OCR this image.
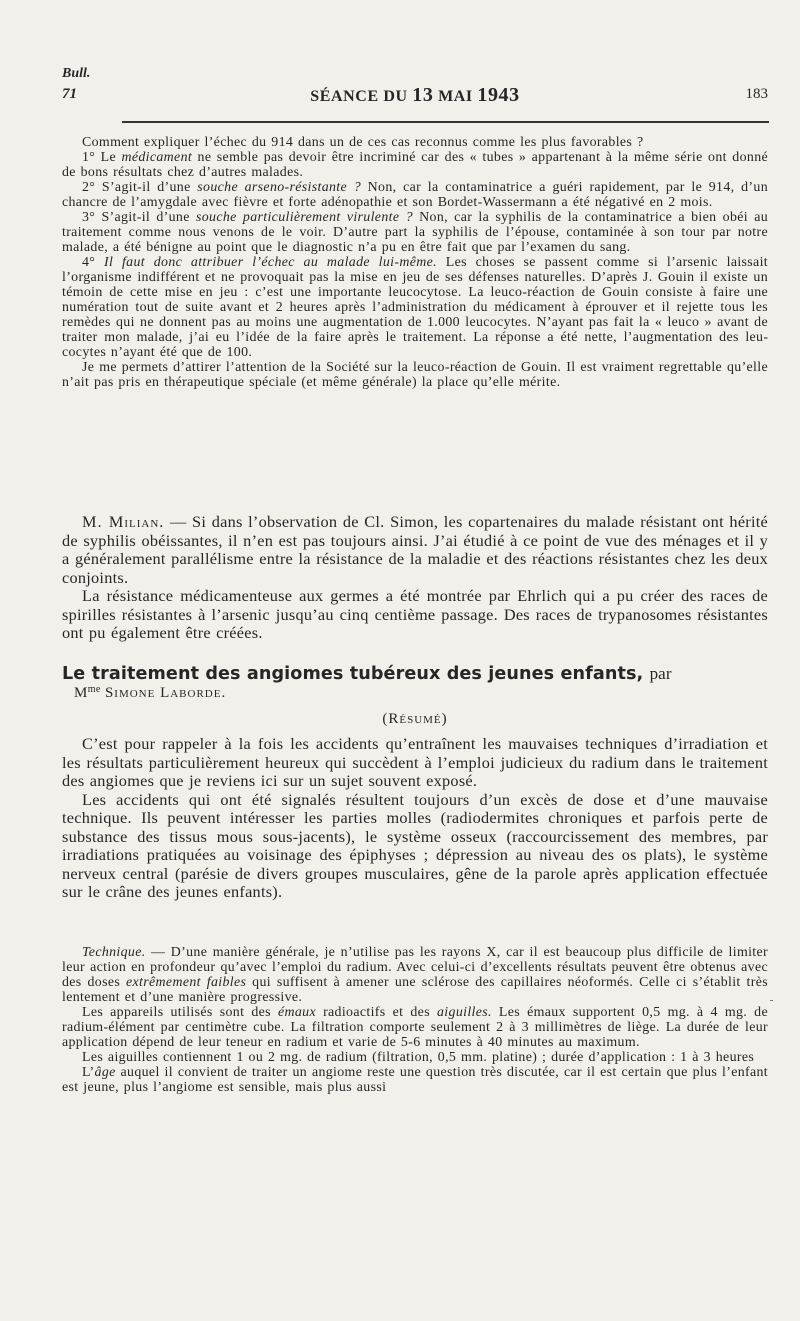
Bull.
71	SÉANCE DU 13 MAI 1943	183

Comment expliquer l’échec du 914 dans un de ces cas reconnus comme les plus favorables ?

1° Le médicament ne semble pas devoir être incriminé car des « tubes » appartenant à la même série ont donné de bons résultats chez d’autres malades.

2° S’agit-il d’une souche arseno-résistante ? Non, car la contaminatrice a guéri rapidement, par le 914, d’un chancre de l’amygdale avec fièvre et forte adénopathie et son Bordet-Wassermann a été négativé en 2 mois.

3° S’agit-il d’une souche particulièrement virulente ? Non, car la syphilis de la contaminatrice a bien obéi au traitement comme nous venons de le voir. D’autre part la syphilis de l’épouse, contaminée à son tour par notre malade, a été bénigne au point que le diagnostic n’a pu en être fait que par l’examen du sang.

4° Il faut donc attribuer l’échec au malade lui-même. Les choses se passent comme si l’arsenic laissait l’organisme indifférent et ne provoquait pas la mise en jeu de ses défenses naturelles. D’après J. Gouin il existe un témoin de cette mise en jeu : c’est une importante leucocytose. La leuco-réaction de Gouin consiste à faire une numération tout de suite avant et 2 heures après l’administration du médicament à éprouver et il rejette tous les remèdes qui ne donnent pas au moins une augmentation de 1.000 leucocytes. N’ayant pas fait la « leuco » avant de traiter mon malade, j’ai eu l’idée de la faire après le traitement. La réponse a été nette, l’augmentation des leucocytes n’ayant été que de 100.

Je me permets d’attirer l’attention de la Société sur la leuco-réaction de Gouin. Il est vraiment regrettable qu’elle n’ait pas pris en thérapeutique spéciale (et même générale) la place qu’elle mérite.

M. Milian. — Si dans l’observation de Cl. Simon, les copartenaires du malade résistant ont hérité de syphilis obéissantes, il n’en est pas toujours ainsi. J’ai étudié à ce point de vue des ménages et il y a généralement parallélisme entre la résistance de la maladie et des réactions résistantes chez les deux conjoints.

La résistance médicamenteuse aux germes a été montrée par Ehrlich qui a pu créer des races de spirilles résistantes à l’arsenic jusqu’au cinq centième passage. Des races de trypanosomes résistantes ont pu également être créées.

Le traitement des angiomes tubéreux des jeunes enfants, par

$M^{me}$ Simone Laborde.

(Résumé)

C’est pour rappeler à la fois les accidents qu’entraînent les mauvaises techniques d’irradiation et les résultats particulièrement heureux qui succèdent à l’emploi judicieux du radium dans le traitement des angiomes que je reviens ici sur un sujet souvent exposé.

Les accidents qui ont été signalés résultent toujours d’un excès de dose et d’une mauvaise technique. Ils peuvent intéresser les parties molles (radiodermites chroniques et parfois perte de substance des tissus mous sous-jacents), le système osseux (raccourcissement des membres, par irradiations pratiquées au voisinage des épiphyses ; dépression au niveau des os plats), le système nerveux central (parésie de divers groupes musculaires, gêne de la parole après application effectuée sur le crâne des jeunes enfants).

Technique. — D’une manière générale, je n’utilise pas les rayons X, car il est beaucoup plus difficile de limiter leur action en profondeur qu’avec l’emploi du radium. Avec celui-ci d’excellents résultats peuvent être obtenus avec des doses extrêmement faibles qui suffisent à amener une sclérose des capillaires néoformés. Celle ci s’établit très lentement et d’une manière progressive.

Les appareils utilisés sont des émaux radioactifs et des aiguilles. Les émaux supportent 0,5 mg. à 4 mg. de radium-élément par centimètre cube. La filtration comporte seulement 2 à 3 millimètres de liège. La durée de leur application dépend de leur teneur en radium et varie de 5-6 minutes à 40 minutes au maximum.

Les aiguilles contiennent 1 ou 2 mg. de radium (filtration, 0,5 mm. platine) ; durée d’application : 1 à 3 heures

L’âge auquel il convient de traiter un angiome reste une question très discutée, car il est certain que plus l’enfant est jeune, plus l’angiome est sensible, mais plus aussi
